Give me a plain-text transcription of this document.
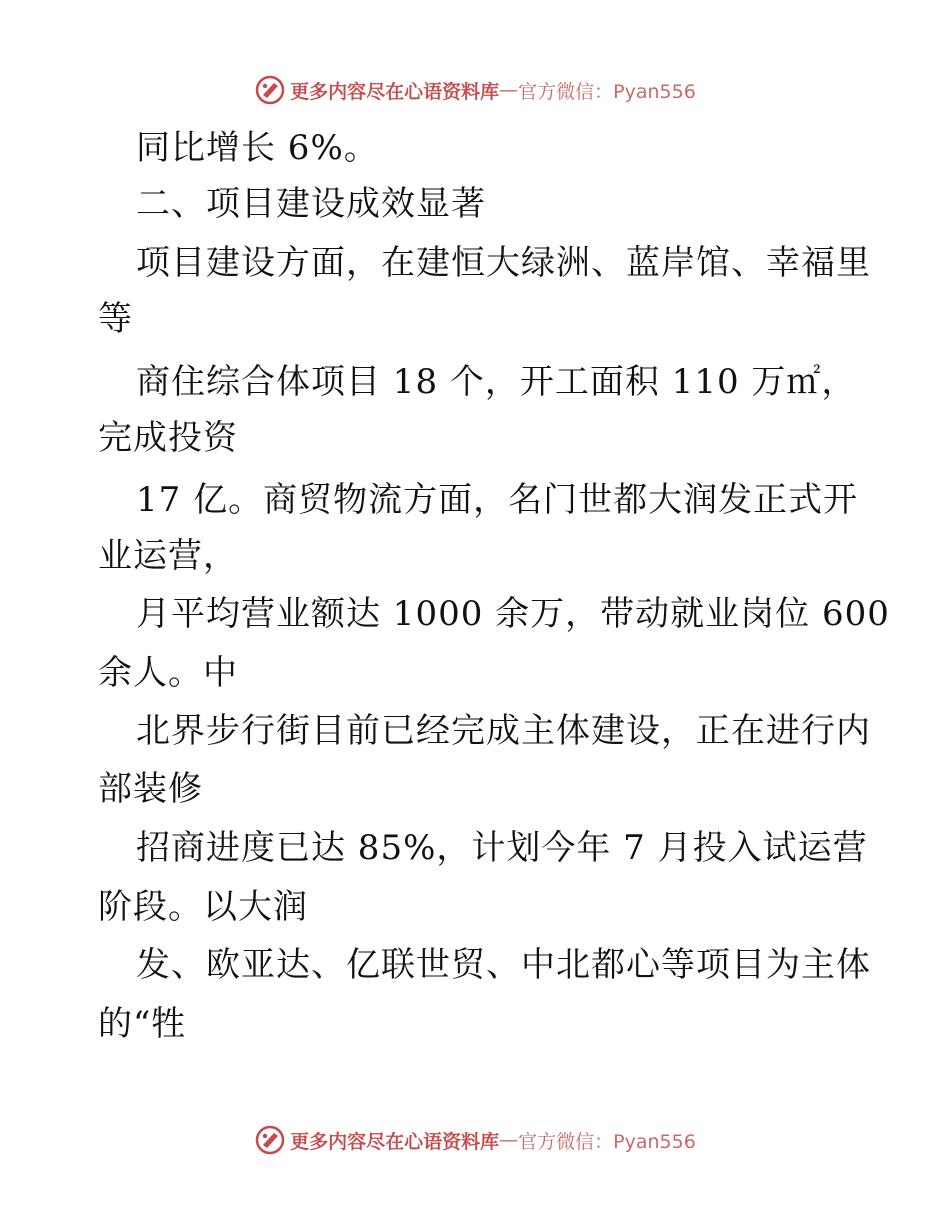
更多内容尽在心语资料库 — 官方微信：Pyan556
同比增长 6%。
二、项目建设成效显著
项目建设方面，在建恒大绿洲、蓝岸馆、幸福里
等
商住综合体项目 18 个，开工面积 110 万㎡，
完成投资
17 亿。商贸物流方面，名门世都大润发正式开
业运营，
月平均营业额达 1000 余万，带动就业岗位 600
余人。中
北界步行街目前已经完成主体建设，正在进行内
部装修
招商进度已达 85%，计划今年 7 月投入试运营
阶段。以大润
发、欧亚达、亿联世贸、中北都心等项目为主体
的“牲
更多内容尽在心语资料库 — 官方微信：Pyan556
